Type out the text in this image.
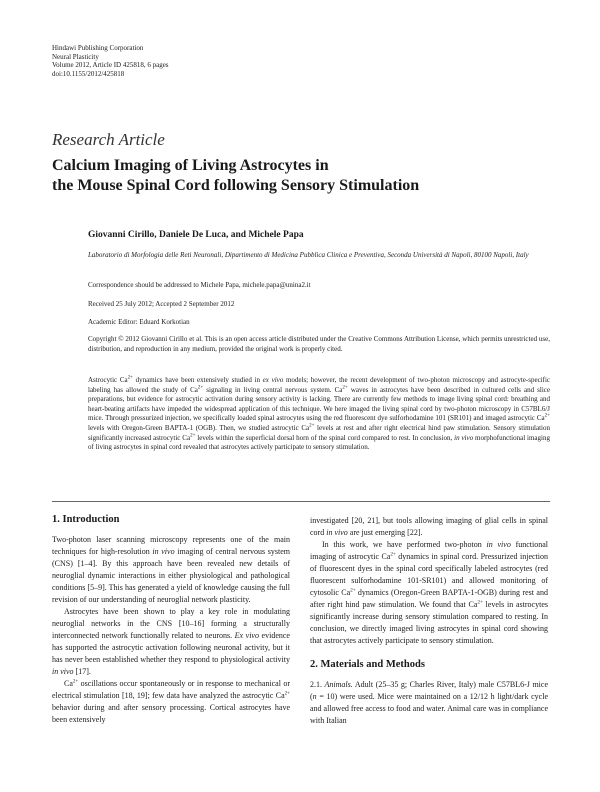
Hindawi Publishing Corporation
Neural Plasticity
Volume 2012, Article ID 425818, 6 pages
doi:10.1155/2012/425818
Research Article
Calcium Imaging of Living Astrocytes in
the Mouse Spinal Cord following Sensory Stimulation
Giovanni Cirillo, Daniele De Luca, and Michele Papa
Laboratorio di Morfologia delle Reti Neuronali, Dipartimento di Medicina Pubblica Clinica e Preventiva, Seconda Università di Napoli, 80100 Napoli, Italy
Correspondence should be addressed to Michele Papa, michele.papa@unina2.it
Received 25 July 2012; Accepted 2 September 2012
Academic Editor: Eduard Korkotian
Copyright © 2012 Giovanni Cirillo et al. This is an open access article distributed under the Creative Commons Attribution License, which permits unrestricted use, distribution, and reproduction in any medium, provided the original work is properly cited.
Astrocytic $Ca^{2+}$ dynamics have been extensively studied in ex vivo models; however, the recent development of two-photon microscopy and astrocyte-specific labeling has allowed the study of $Ca^{2+}$ signaling in living central nervous system. $Ca^{2+}$ waves in astrocytes have been described in cultured cells and slice preparations, but evidence for astrocytic activation during sensory activity is lacking. There are currently few methods to image living spinal cord: breathing and heart-beating artifacts have impeded the widespread application of this technique. We here imaged the living spinal cord by two-photon microscopy in C57BL6/J mice. Through pressurized injection, we specifically loaded spinal astrocytes using the red fluorescent dye sulforhodamine 101 (SR101) and imaged astrocytic $Ca^{2+}$ levels with Oregon-Green BAPTA-1 (OGB). Then, we studied astrocytic $Ca^{2+}$ levels at rest and after right electrical hind paw stimulation. Sensory stimulation significantly increased astrocytic $Ca^{2+}$ levels within the superficial dorsal horn of the spinal cord compared to rest. In conclusion, in vivo morphofunctional imaging of living astrocytes in spinal cord revealed that astrocytes actively participate to sensory stimulation.
1. Introduction

Two-photon laser scanning microscopy represents one of the main techniques for high-resolution in vivo imaging of central nervous system (CNS) [1–4]. By this approach have been revealed new details of neuroglial dynamic interactions in either physiological and pathological conditions [5–9]. This has generated a yield of knowledge causing the full revision of our understanding of neuroglial network plasticity.

Astrocytes have been shown to play a key role in modulating neuroglial networks in the CNS [10–16] forming a structurally interconnected network functionally related to neurons. Ex vivo evidence has supported the astrocytic activation following neuronal activity, but it has never been established whether they respond to physiological activity in vivo [17].

$Ca^{2+}$ oscillations occur spontaneously or in response to mechanical or electrical stimulation [18, 19]; few data have analyzed the astrocytic $Ca^{2+}$ behavior during and after sensory processing. Cortical astrocytes have been extensively

investigated [20, 21], but tools allowing imaging of glial cells in spinal cord in vivo are just emerging [22].

In this work, we have performed two-photon in vivo functional imaging of astrocytic $Ca^{2+}$ dynamics in spinal cord. Pressurized injection of fluorescent dyes in the spinal cord specifically labeled astrocytes (red fluorescent sulforhodamine 101-SR101) and allowed monitoring of cytosolic $Ca^{2+}$ dynamics (Oregon-Green BAPTA-1-OGB) during rest and after right hind paw stimulation. We found that $Ca^{2+}$ levels in astrocytes significantly increase during sensory stimulation compared to resting. In conclusion, we directly imaged living astrocytes in spinal cord showing that astrocytes actively participate to sensory stimulation.

2. Materials and Methods

2.1. Animals. Adult (25–35 g; Charles River, Italy) male C57BL6-J mice (n = 10) were used. Mice were maintained on a 12/12 h light/dark cycle and allowed free access to food and water. Animal care was in compliance with Italian
